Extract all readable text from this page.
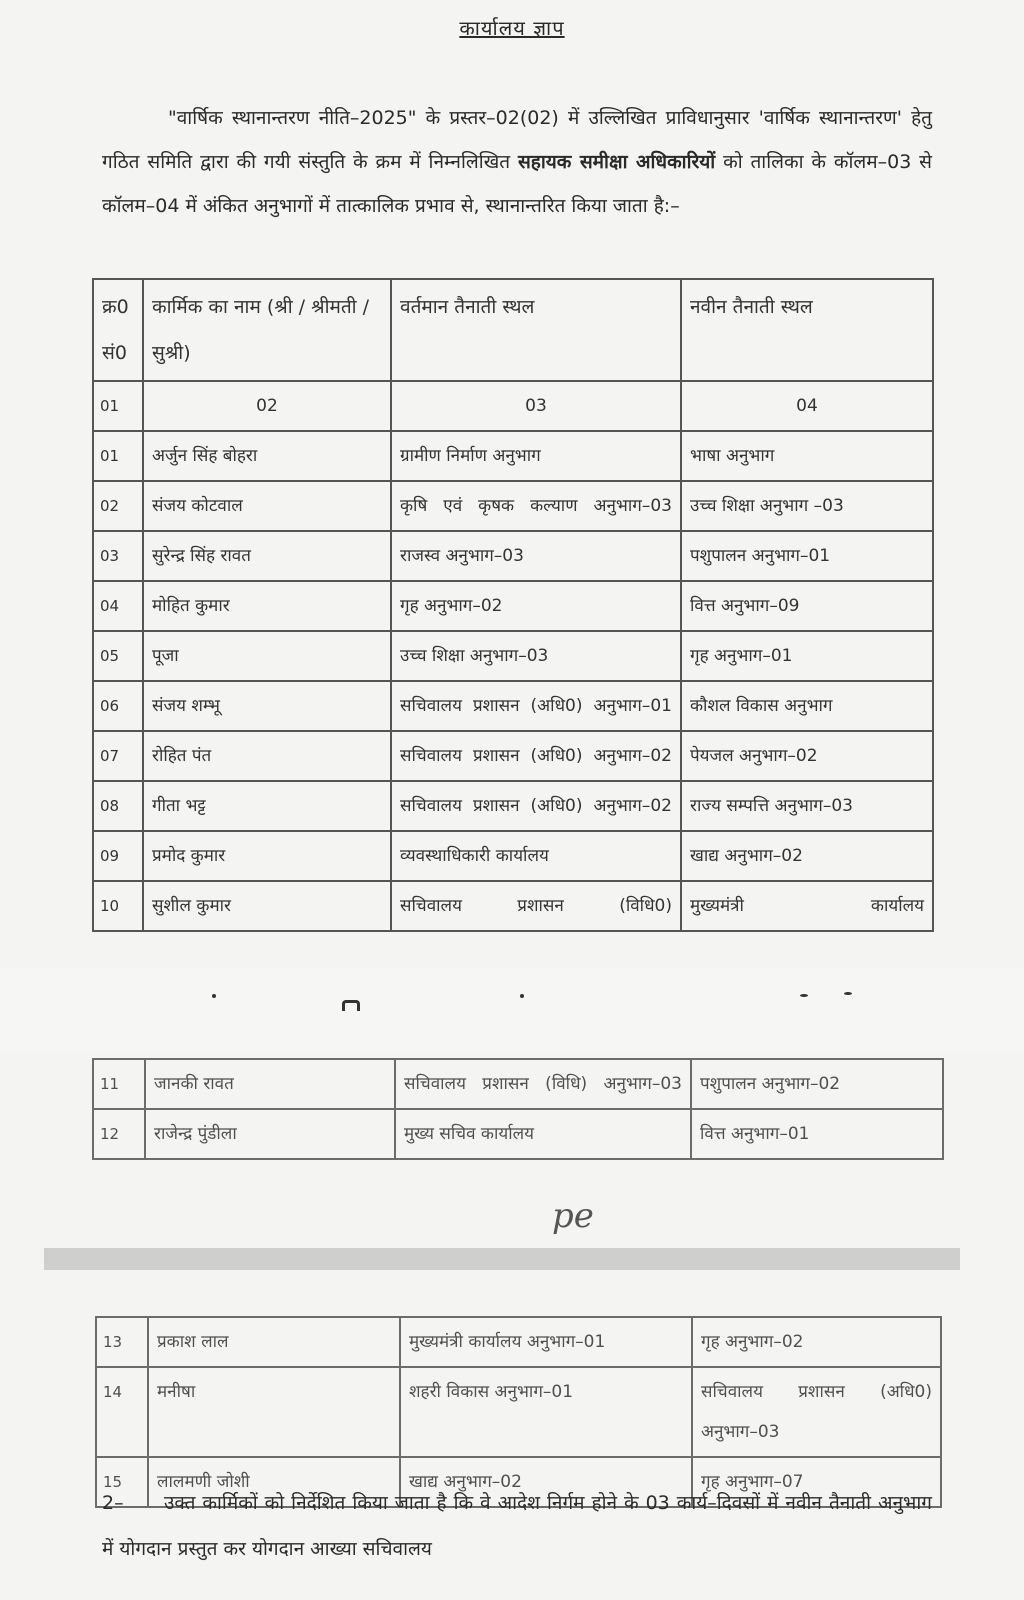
कार्यालय ज्ञाप
"वार्षिक स्थानान्तरण नीति–2025" के प्रस्तर–02(02) में उल्लिखित प्राविधानुसार 'वार्षिक स्थानान्तरण' हेतु गठित समिति द्वारा की गयी संस्तुति के क्रम में निम्नलिखित सहायक समीक्षा अधिकारियों को तालिका के कॉलम–03 से कॉलम–04 में अंकित अनुभागों में तात्कालिक प्रभाव से, स्थानान्तरित किया जाता है:–
क्र0 सं0	कार्मिक का नाम (श्री / श्रीमती / सुश्री)	वर्तमान तैनाती स्थल	नवीन तैनाती स्थल
01	02	03	04
01	अर्जुन सिंह बोहरा	ग्रामीण निर्माण अनुभाग	भाषा अनुभाग
02	संजय कोटवाल	कृषि एवं कृषक कल्याण अनुभाग–03	उच्च शिक्षा अनुभाग –03
03	सुरेन्द्र सिंह रावत	राजस्व अनुभाग–03	पशुपालन अनुभाग–01
04	मोहित कुमार	गृह अनुभाग–02	वित्त अनुभाग–09
05	पूजा	उच्च शिक्षा अनुभाग–03	गृह अनुभाग–01
06	संजय शम्भू	सचिवालय प्रशासन (अधि0) अनुभाग–01	कौशल विकास अनुभाग
07	रोहित पंत	सचिवालय प्रशासन (अधि0) अनुभाग–02	पेयजल अनुभाग–02
08	गीता भट्ट	सचिवालय प्रशासन (अधि0) अनुभाग–02	राज्य सम्पत्ति अनुभाग–03
09	प्रमोद कुमार	व्यवस्थाधिकारी कार्यालय	खाद्य अनुभाग–02
10	सुशील कुमार	सचिवालय प्रशासन (विधि0)	मुख्यमंत्री कार्यालय
11	जानकी रावत	सचिवालय प्रशासन (विधि) अनुभाग–03	पशुपालन अनुभाग–02
12	राजेन्द्र पुंडीला	मुख्य सचिव कार्यालय	वित्त अनुभाग–01
pe
13	प्रकाश लाल	मुख्यमंत्री कार्यालय अनुभाग–01	गृह अनुभाग–02
14	मनीषा	शहरी विकास अनुभाग–01	सचिवालय प्रशासन (अधि0) अनुभाग–03
15	लालमणी जोशी	खाद्य अनुभाग–02	गृह अनुभाग–07
2– उक्त कार्मिकों को निर्देशित किया जाता है कि वे आदेश निर्गम होने के 03 कार्य–दिवसों में नवीन तैनाती अनुभाग में योगदान प्रस्तुत कर योगदान आख्या सचिवालय
